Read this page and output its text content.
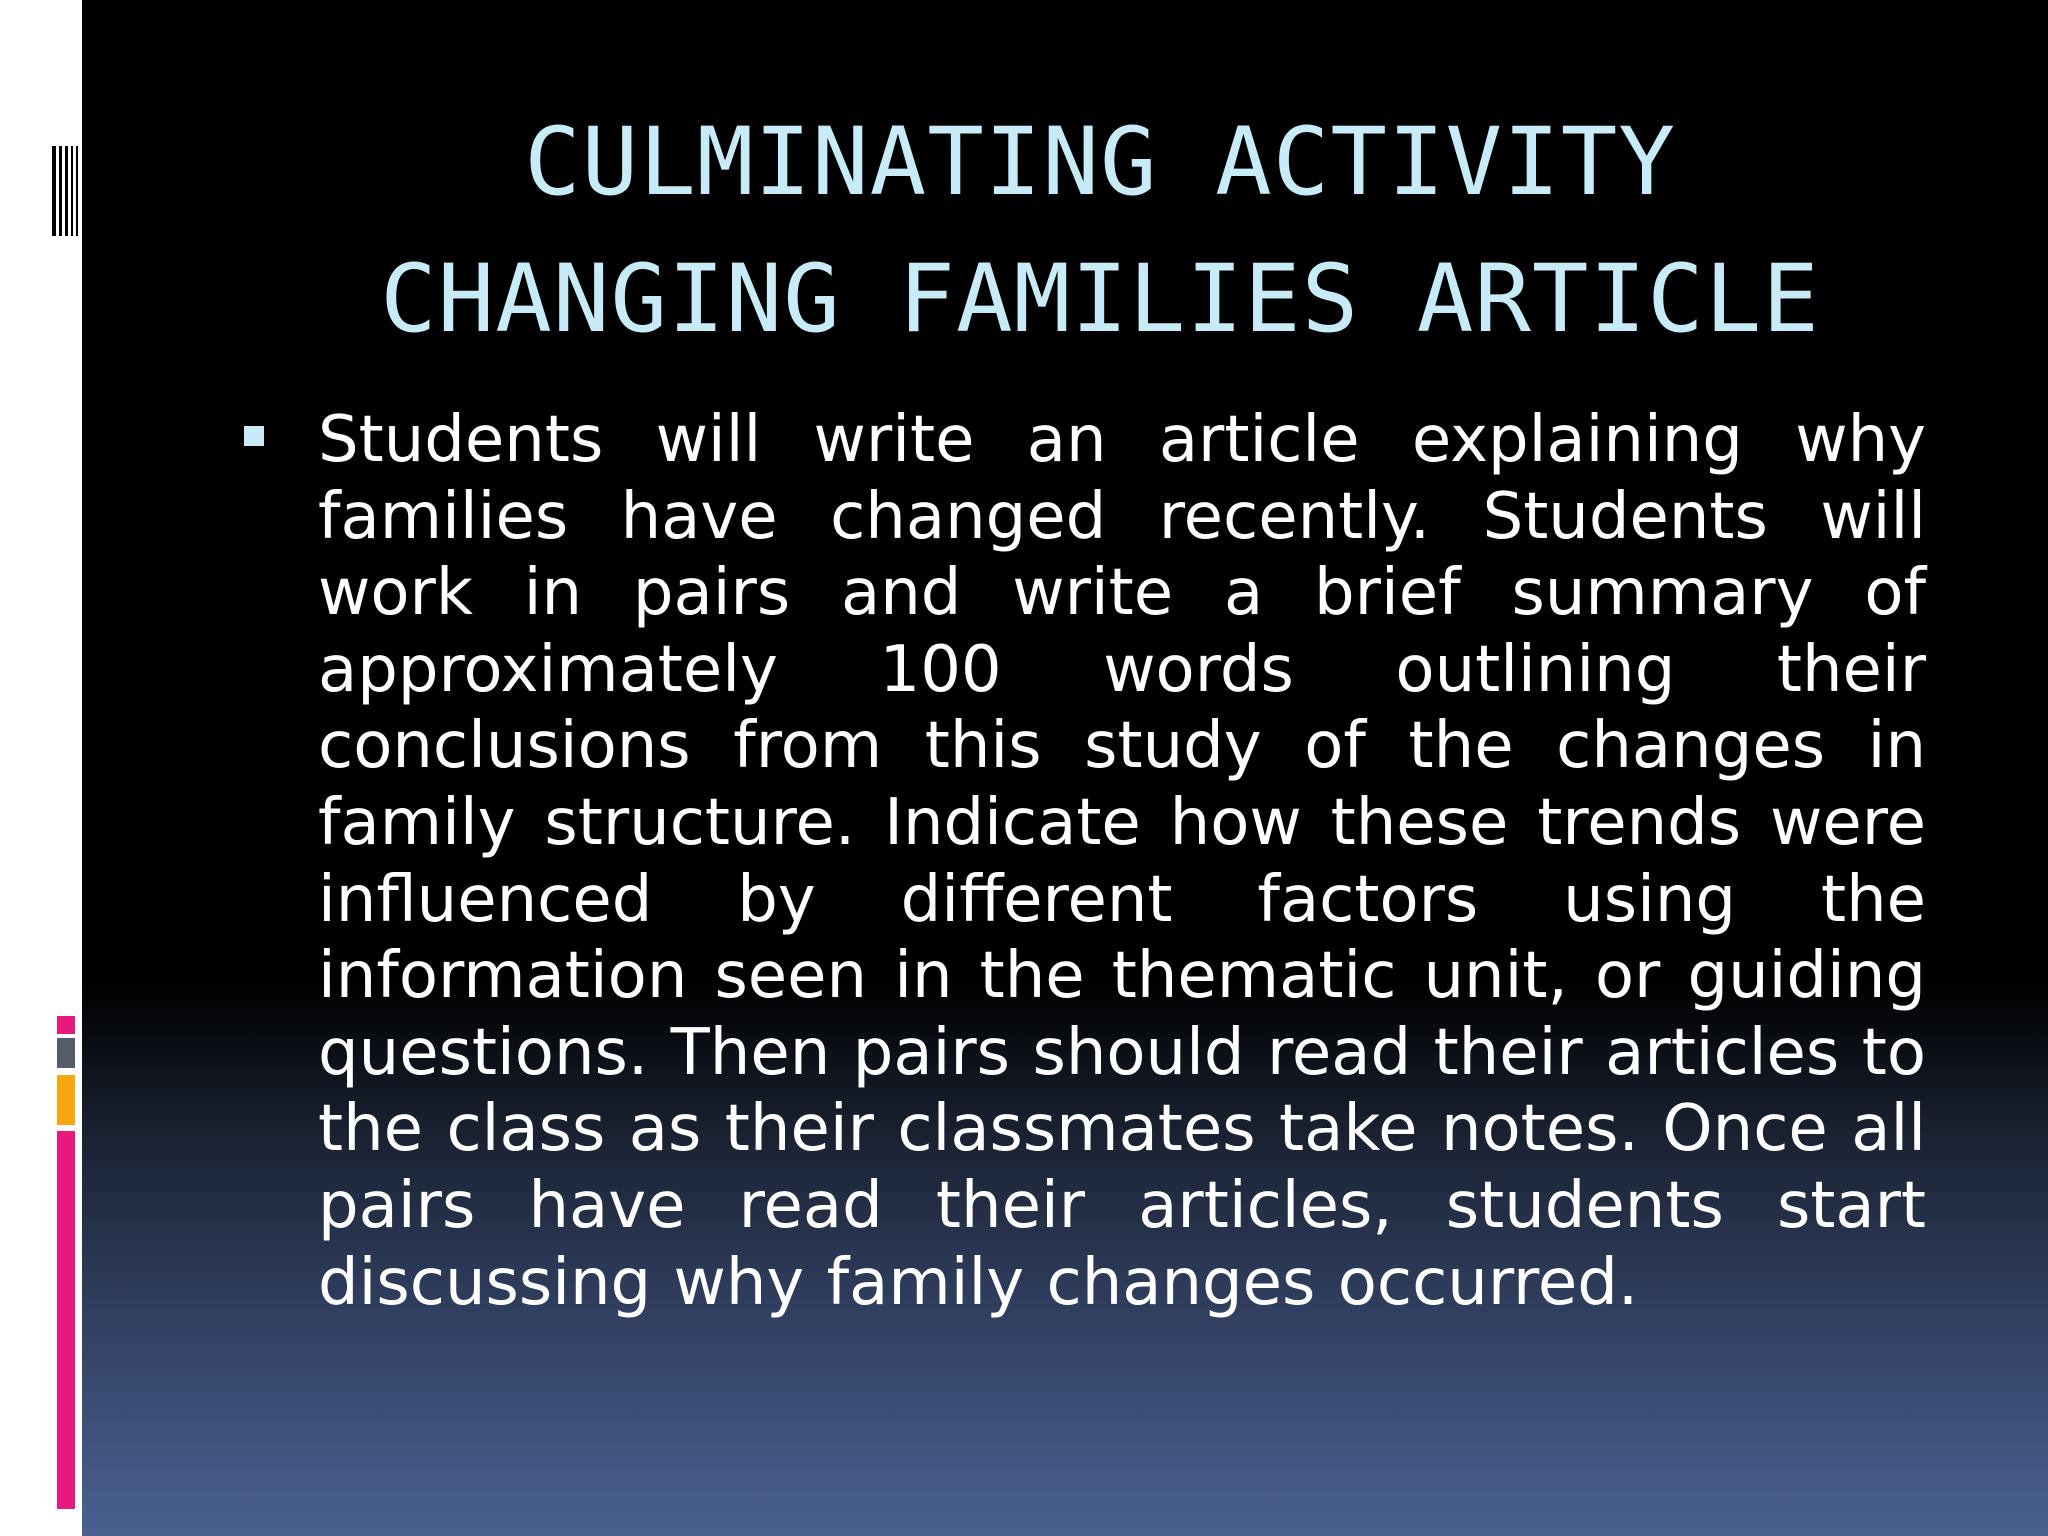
CULMINATING ACTIVITY
CHANGING FAMILIES ARTICLE
Students will write an article explaining why families have changed recently. Students will work in pairs and write a brief summary of approximately 100 words outlining their conclusions from this study of the changes in family structure. Indicate how these trends were influenced by different factors using the information seen in the thematic unit, or guiding questions. Then pairs should read their articles to the class as their classmates take notes. Once all pairs have read their articles, students start discussing why family changes occurred.
